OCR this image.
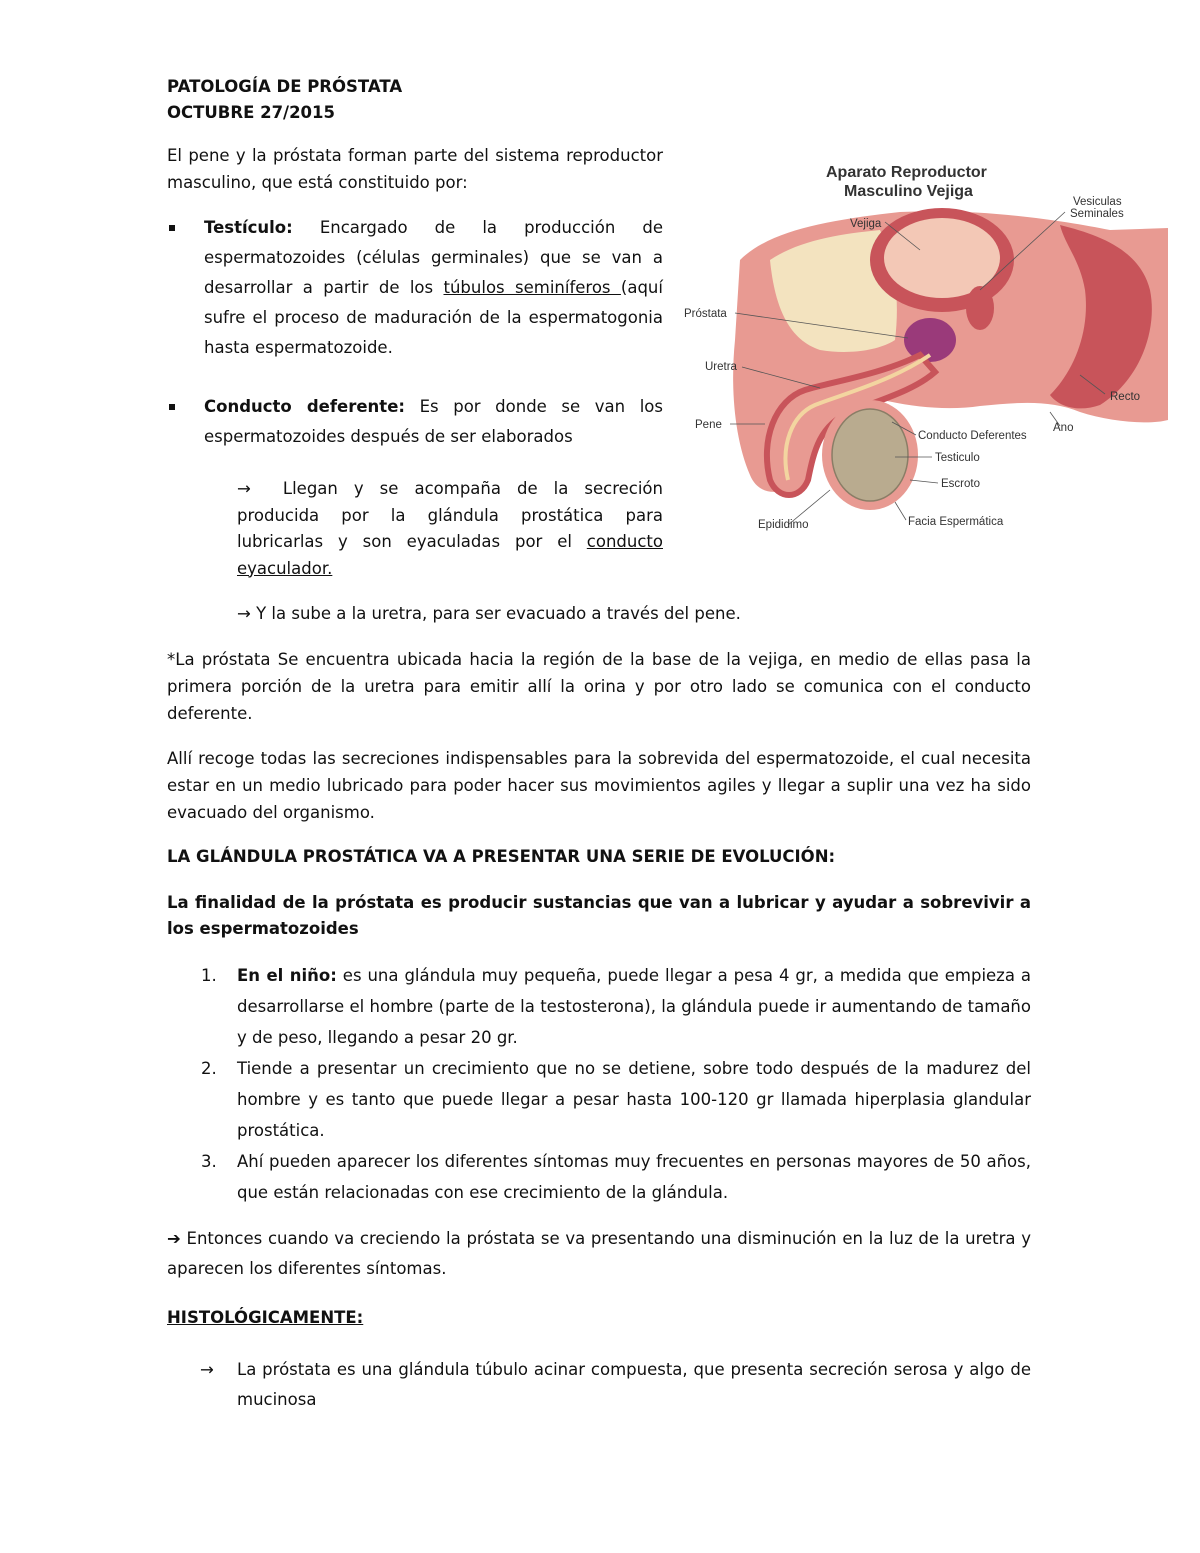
PATOLOGÍA DE PRÓSTATA
OCTUBRE 27/2015

El pene y la próstata forman parte del sistema reproductor masculino, que está constituido por:

Testículo: Encargado de la producción de espermatozoides (células germinales) que se van a desarrollar a partir de los túbulos seminíferos (aquí sufre el proceso de maduración de la espermatogonia hasta espermatozoide.
Conducto deferente: Es por donde se van los espermatozoides después de ser elaborados

→ Llegan y se acompaña de la secreción producida por la glándula prostática para lubricarlas y son eyaculadas por el conducto eyaculador.

→ Y la sube a la uretra, para ser evacuado a través del pene.

*La próstata Se encuentra ubicada hacia la región de la base de la vejiga, en medio de ellas pasa la primera porción de la uretra para emitir allí la orina y por otro lado se comunica con el conducto deferente.

Allí recoge todas las secreciones indispensables para la sobrevida del espermatozoide, el cual necesita estar en un medio lubricado para poder hacer sus movimientos agiles y llegar a suplir una vez ha sido evacuado del organismo.

LA GLÁNDULA PROSTÁTICA VA A PRESENTAR UNA SERIE DE EVOLUCIÓN:

La finalidad de la próstata es producir sustancias que van a lubricar y ayudar a sobrevivir a los espermatozoides

1. En el niño: es una glándula muy pequeña, puede llegar a pesa 4 gr, a medida que empieza a desarrollarse el hombre (parte de la testosterona), la glándula puede ir aumentando de tamaño y de peso, llegando a pesar 20 gr.
2. Tiende a presentar un crecimiento que no se detiene, sobre todo después de la madurez del hombre y es tanto que puede llegar a pesar hasta 100-120 gr llamada hiperplasia glandular prostática.
3. Ahí pueden aparecer los diferentes síntomas muy frecuentes en personas mayores de 50 años, que están relacionadas con ese crecimiento de la glándula.

➔ Entonces cuando va creciendo la próstata se va presentando una disminución en la luz de la uretra y aparecen los diferentes síntomas.

HISTOLÓGICAMENTE:

→ La próstata es una glándula túbulo acinar compuesta, que presenta secreción serosa y algo de mucinosa
Aparato Reproductor
Masculino Vejiga
Vejiga
Vesiculas
Seminales
Próstata
Uretra
Recto
Pene	Ano
Conducto Deferentes
Testiculo
Escroto
Epididimo	Facia Espermática
